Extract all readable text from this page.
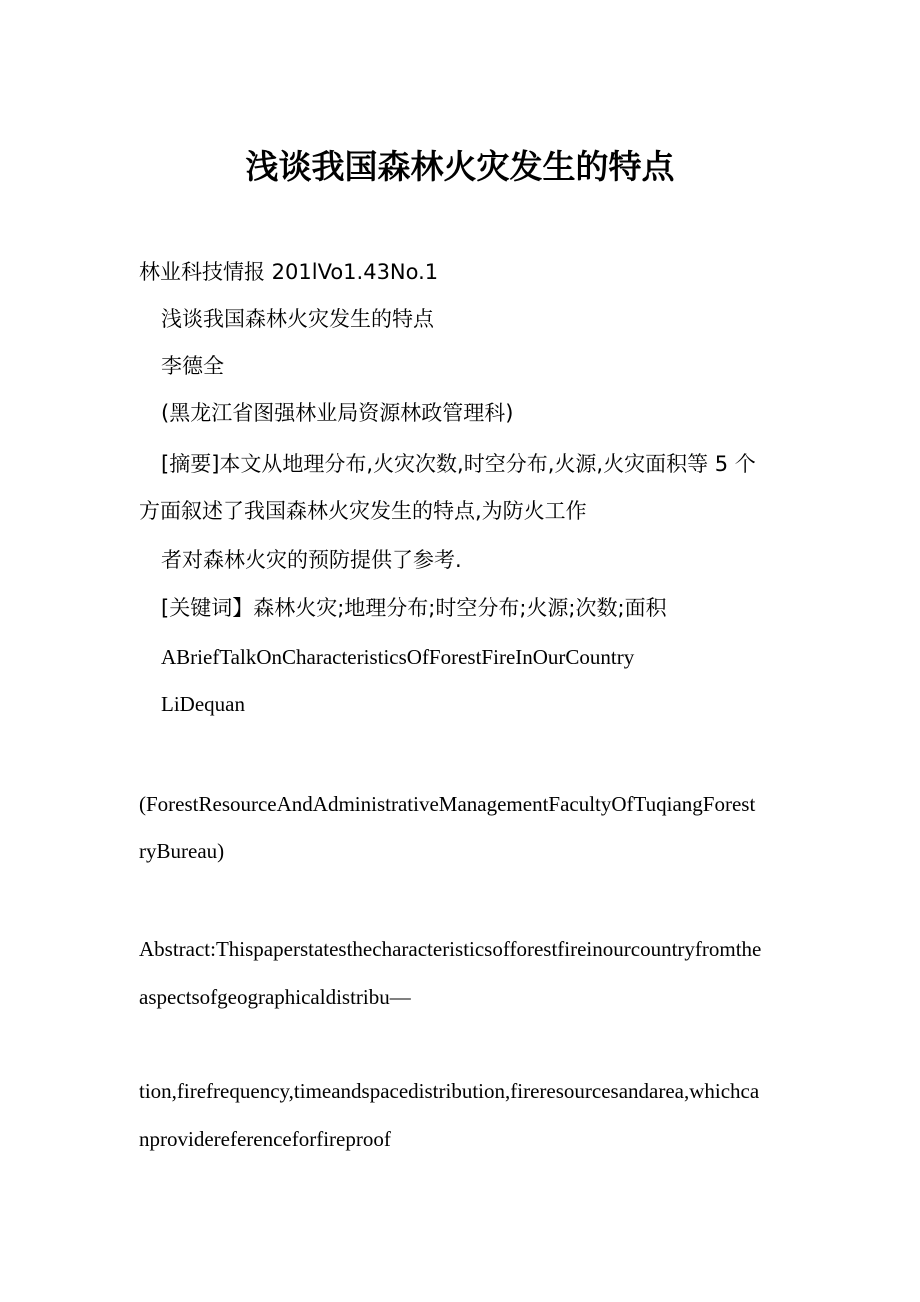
浅谈我国森林火灾发生的特点
林业科技情报 201lVo1.43No.1
浅谈我国森林火灾发生的特点
李德全
(黑龙江省图强林业局资源林政管理科)
[摘要]本文从地理分布,火灾次数,时空分布,火源,火灾面积等 5 个
方面叙述了我国森林火灾发生的特点,为防火工作
者对森林火灾的预防提供了参考.
[关键词】森林火灾;地理分布;时空分布;火源;次数;面积
ABriefTalkOnCharacteristicsOfForestFireInOurCountry
LiDequan
(ForestResourceAndAdministrativeManagementFacultyOfTuqiangForest
ryBureau)
Abstract:Thispaperstatesthecharacteristicsofforestfireinourcountryfromthe
aspectsofgeographicaldistribu—
tion,firefrequency,timeandspacedistribution,fireresourcesandarea,whichca
nprovidereferenceforfireproof
